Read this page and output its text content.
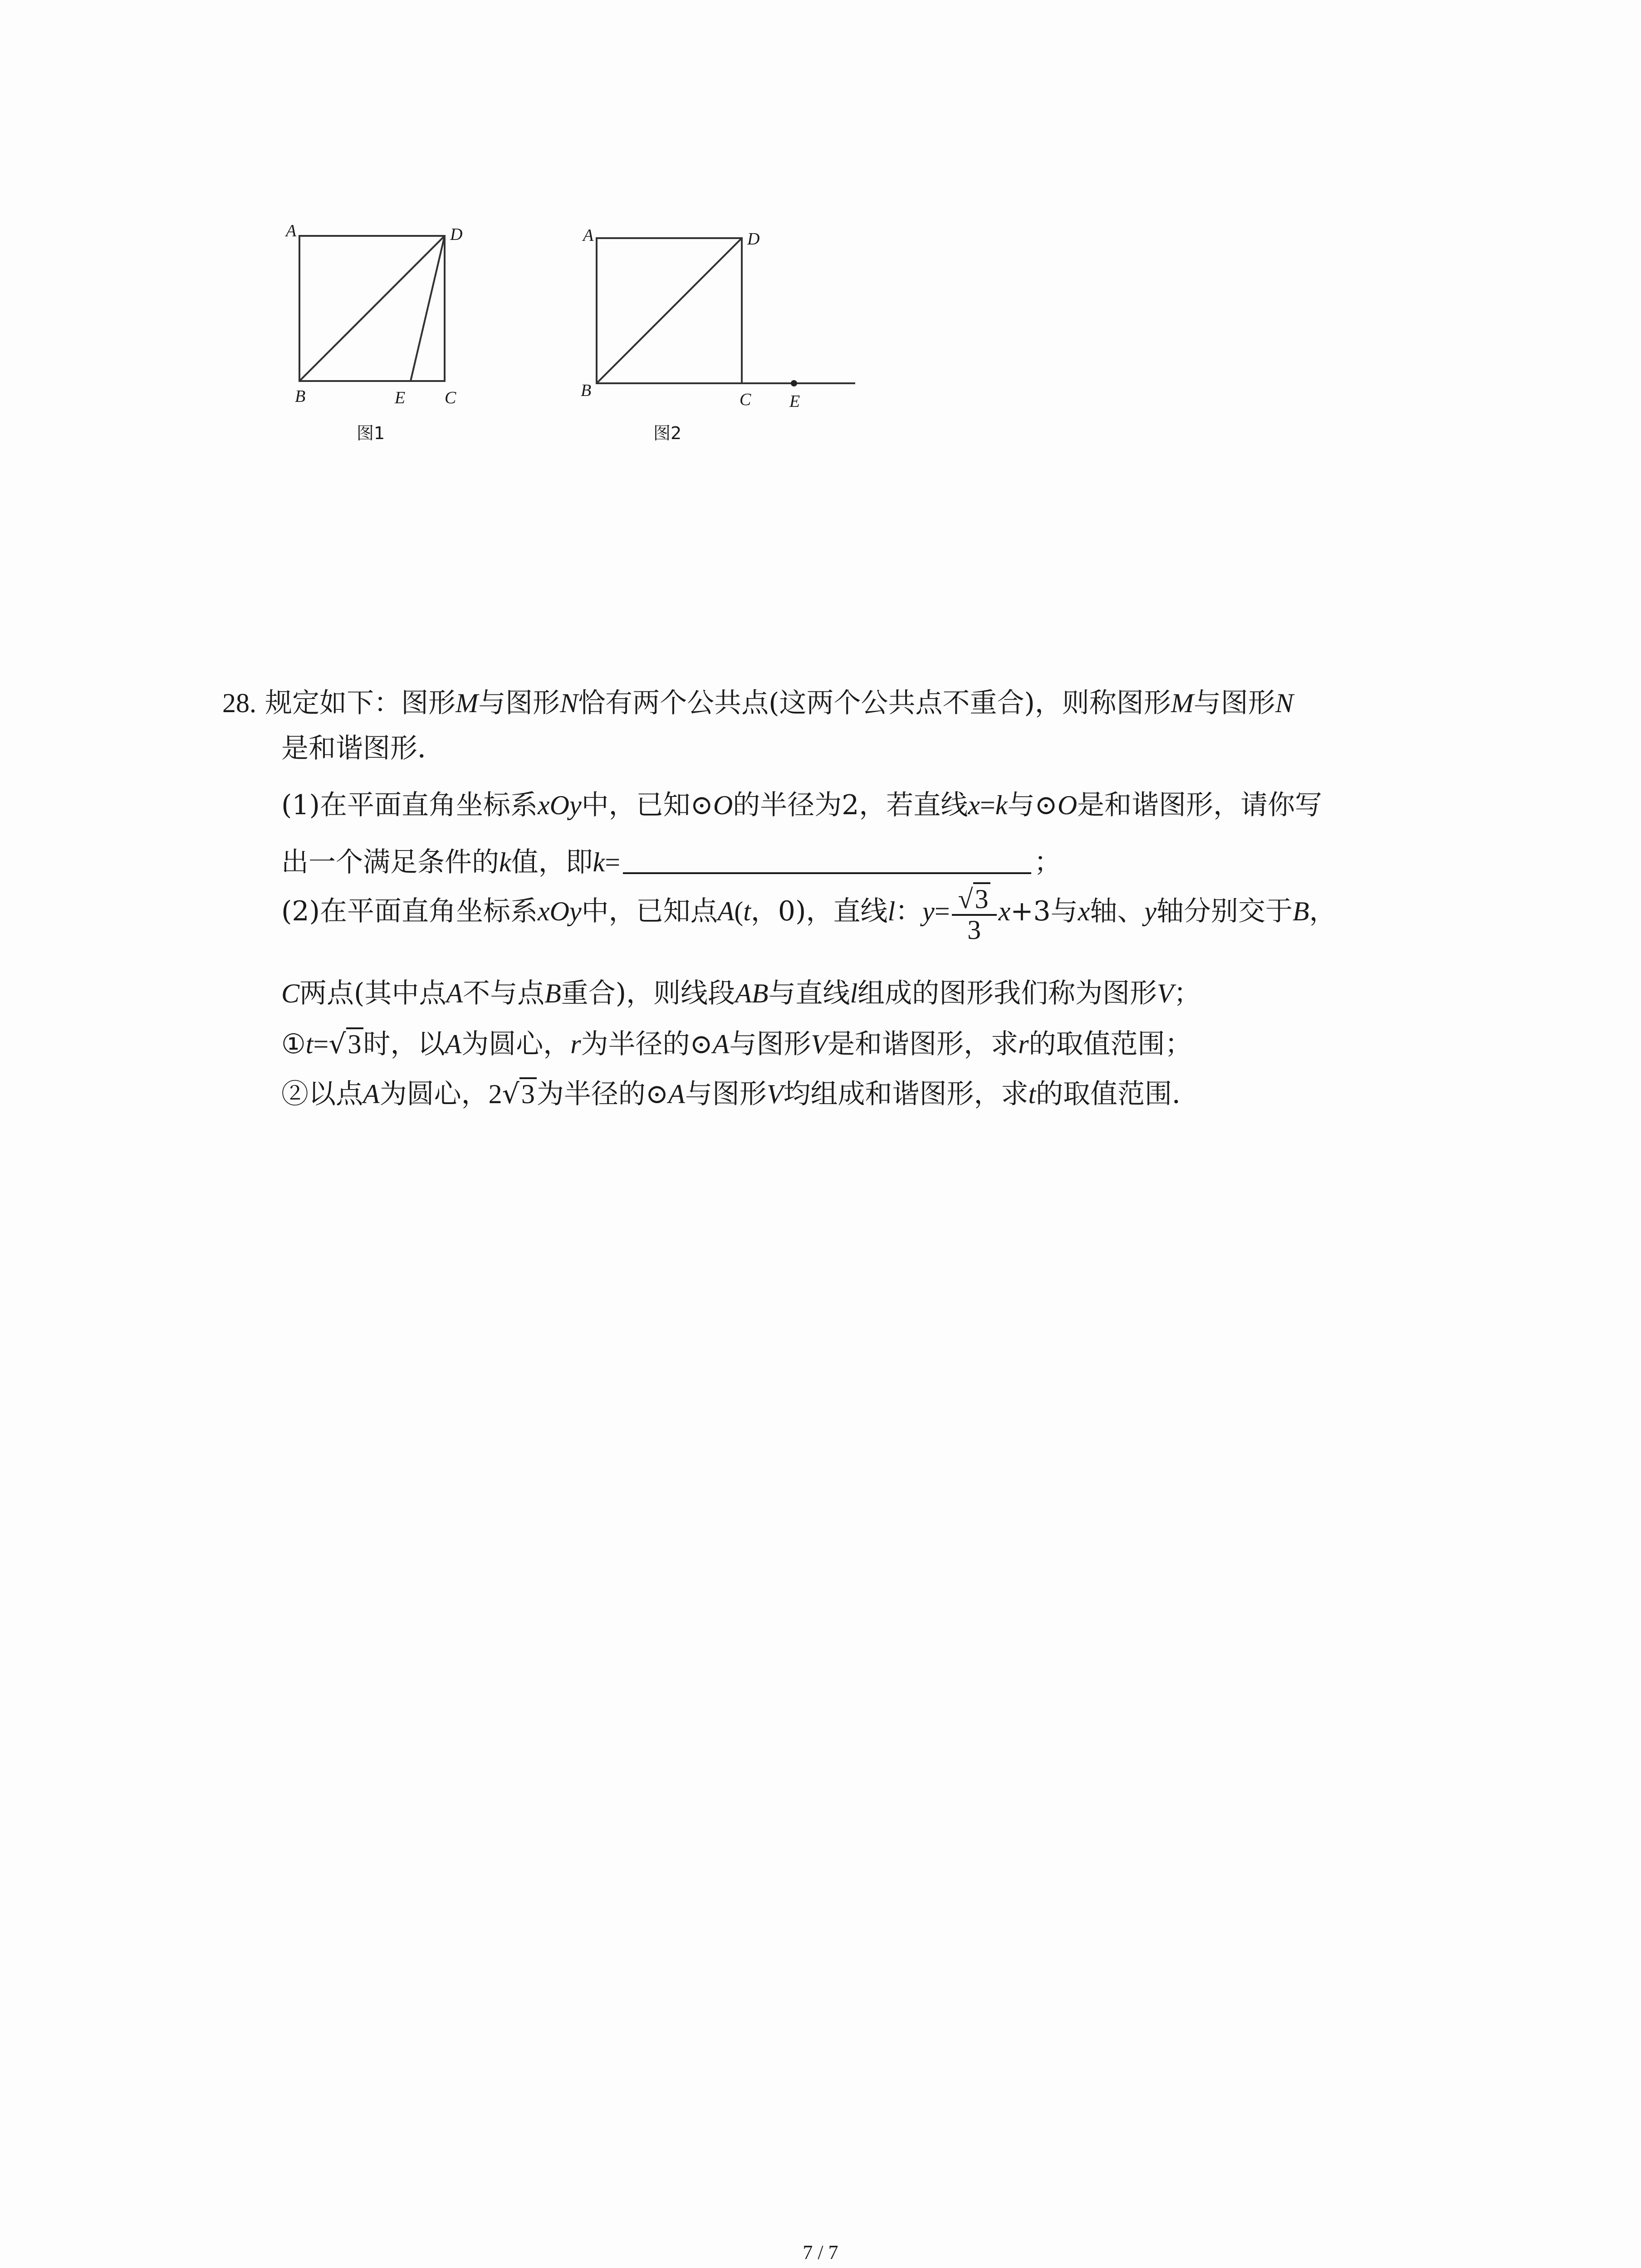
A	D
B	E C
图1
A	D
B	C E
图2
28. 规定如下：图形M与图形N恰有两个公共点(这两个公共点不重合)，则称图形M与图形N
是和谐图形．
(1)在平面直角坐标系xOy中，已知⊙O的半径为2，若直线x=k与⊙O是和谐图形，请你写
出一个满足条件的k值，即k=	；
(2)在平面直角坐标系xOy中，已知点A(t，0)，直线l：$y= \frac{√3}{3} x+3$与x轴、y轴分别交于B，
C两点(其中点A不与点B重合)，则线段AB与直线l组成的图形我们称为图形V；
①t=√3时，以A为圆心，r为半径的⊙A与图形V是和谐图形，求r的取值范围；
②以点A为圆心，2√3为半径的⊙A与图形V均组成和谐图形，求t的取值范围．
7 / 7
